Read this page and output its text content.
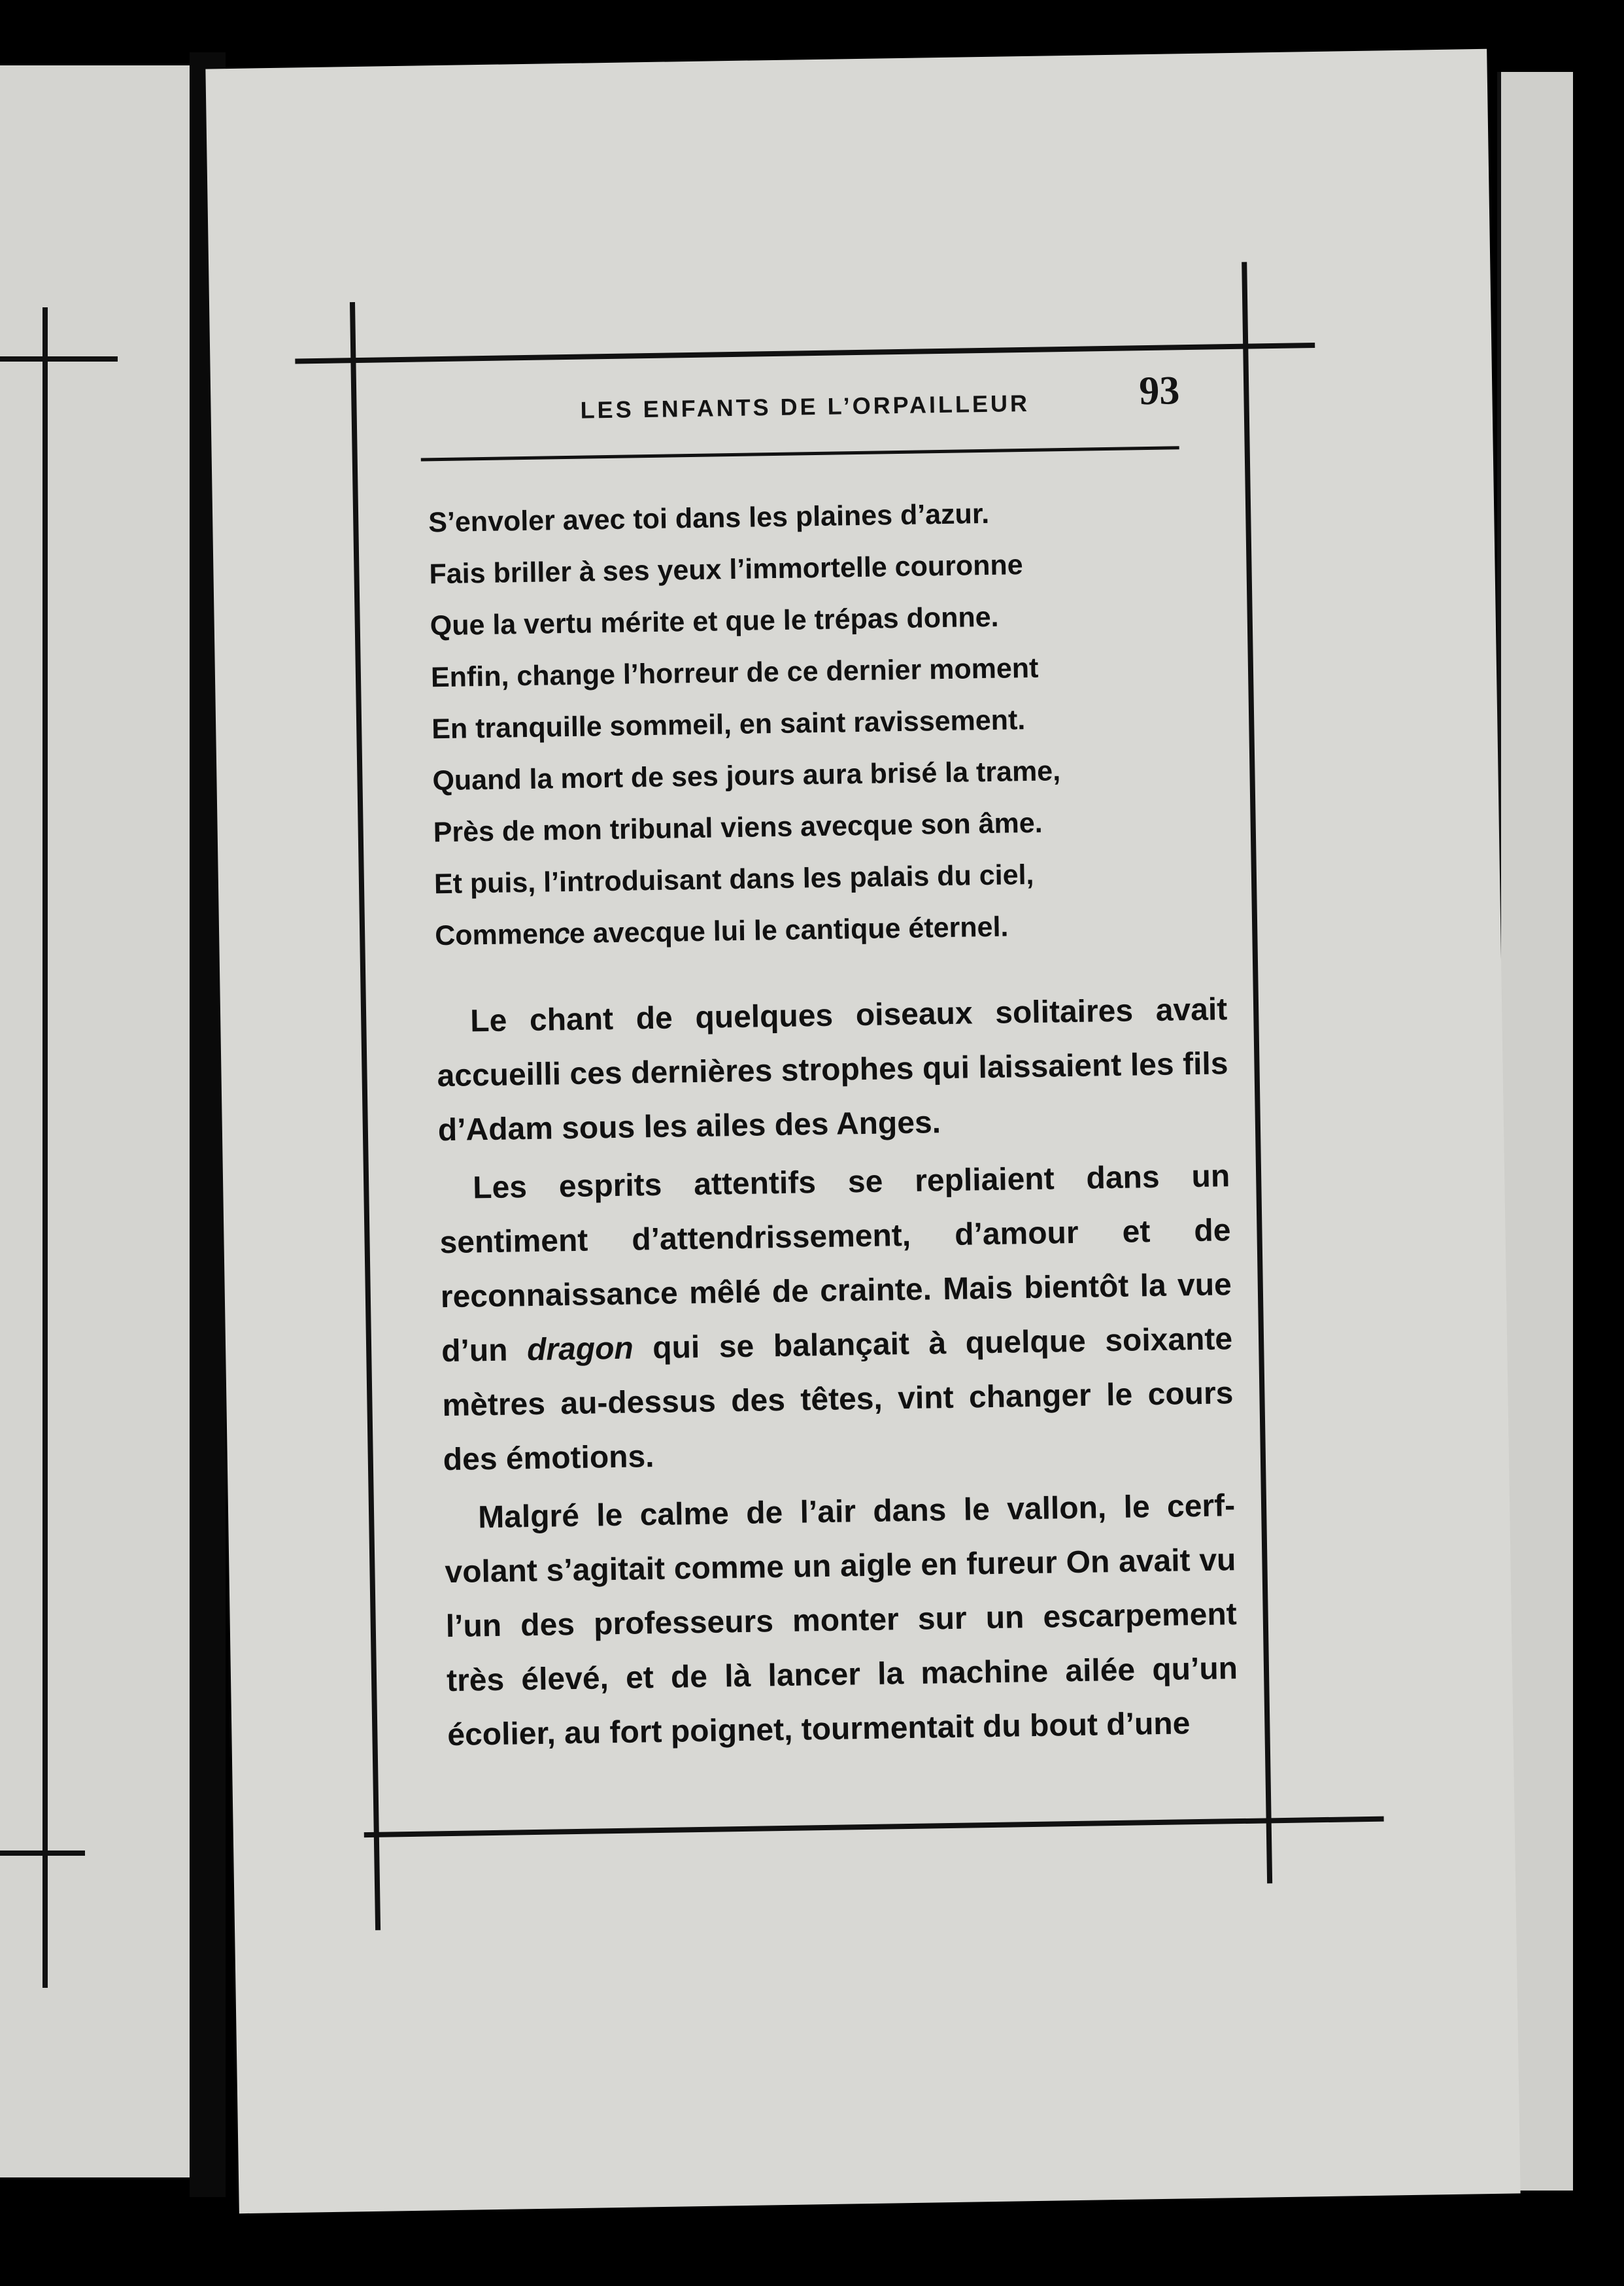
LES ENFANTS DE L’ORPAILLEUR	93

S’envoler avec toi dans les plaines d’azur.

Fais briller à ses yeux l’immortelle couronne

Que la vertu mérite et que le trépas donne.

Enfin, change l’horreur de ce dernier moment

En tranquille sommeil, en saint ravissement.

Quand la mort de ses jours aura brisé la trame,

Près de mon tribunal viens avecque son âme.

Et puis, l’introduisant dans les palais du ciel,

Commen𝑐e avecque lui le cantique éternel.

Le chant de quelques oiseaux solitaires avait accueilli ces dernières strophes qui laissaient les fils d’Adam sous les ailes des Anges.

Les esprits attentifs se repliaient dans un sentiment d’attendrissement, d’amour et de reconnaissance mêlé de crainte. Mais bientôt la vue d’un dragon qui se balançait à quelque soixante mètres au-dessus des têtes, vint changer le cours des émotions.

Malgré le calme de l’air dans le vallon, le cerf-volant s’agitait comme un aigle en fureur On avait vu l’un des professeurs monter sur un escarpement très élevé, et de là lancer la machine ailée qu’un écolier, au fort poignet, tourmentait du bout d’une
